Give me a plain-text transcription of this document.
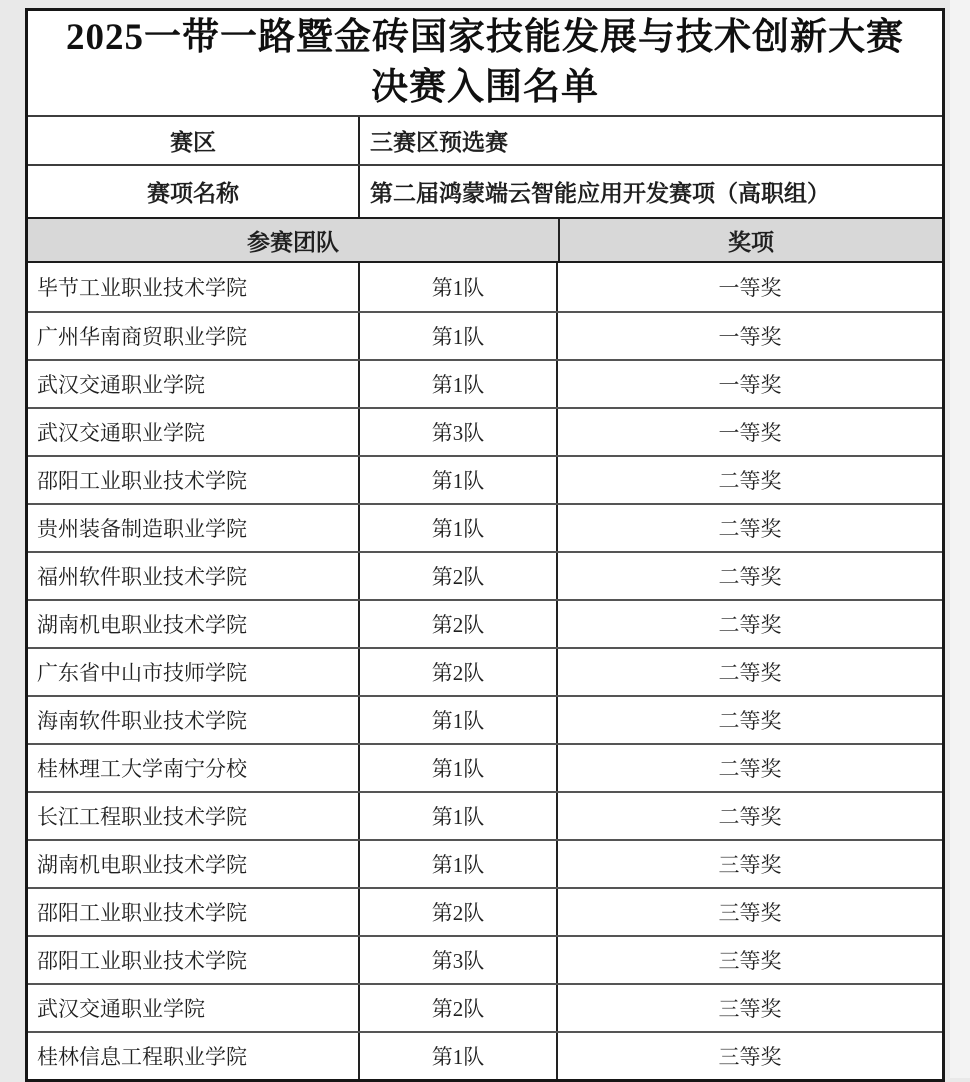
2025一带一路暨金砖国家技能发展与技术创新大赛
决赛入围名单
赛区	三赛区预选赛
赛项名称	第二届鸿蒙端云智能应用开发赛项（高职组）
参赛团队	奖项
毕节工业职业技术学院	第1队	一等奖
广州华南商贸职业学院	第1队	一等奖
武汉交通职业学院	第1队	一等奖
武汉交通职业学院	第3队	一等奖
邵阳工业职业技术学院	第1队	二等奖
贵州装备制造职业学院	第1队	二等奖
福州软件职业技术学院	第2队	二等奖
湖南机电职业技术学院	第2队	二等奖
广东省中山市技师学院	第2队	二等奖
海南软件职业技术学院	第1队	二等奖
桂林理工大学南宁分校	第1队	二等奖
长江工程职业技术学院	第1队	二等奖
湖南机电职业技术学院	第1队	三等奖
邵阳工业职业技术学院	第2队	三等奖
邵阳工业职业技术学院	第3队	三等奖
武汉交通职业学院	第2队	三等奖
桂林信息工程职业学院	第1队	三等奖
